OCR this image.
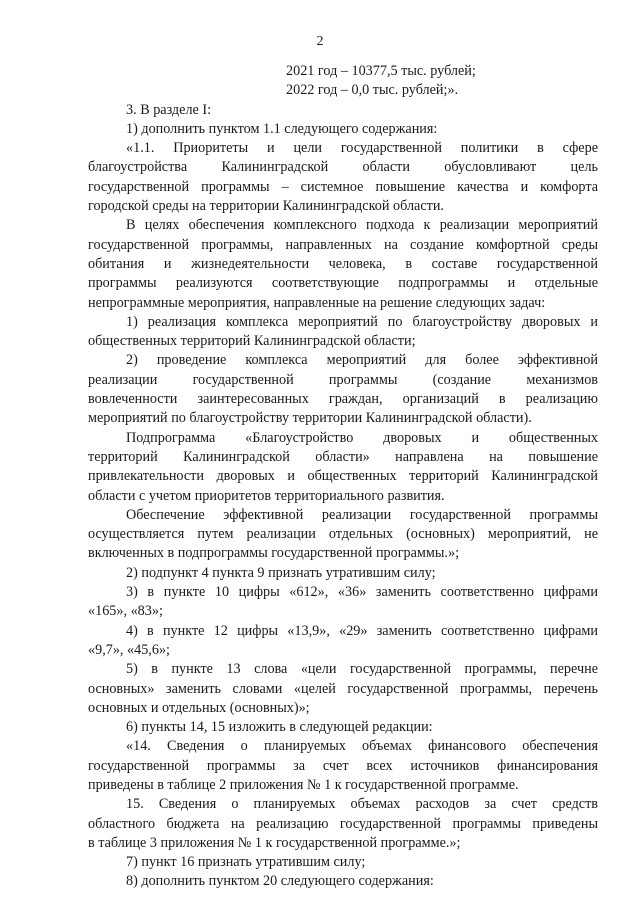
2
2021 год – 10377,5 тыс. рублей;
2022 год – 0,0 тыс. рублей;».
3. В разделе I:
1) дополнить пунктом 1.1 следующего содержания:
«1.1. Приоритеты и цели государственной политики в сфере
благоустройства Калининградской области обусловливают цель
государственной программы – системное повышение качества и комфорта
городской среды на территории Калининградской области.
В целях обеспечения комплексного подхода к реализации мероприятий
государственной программы, направленных на создание комфортной среды
обитания и жизнедеятельности человека, в составе государственной
программы реализуются соответствующие подпрограммы и отдельные
непрограммные мероприятия, направленные на решение следующих задач:
1) реализация комплекса мероприятий по благоустройству дворовых и
общественных территорий Калининградской области;
2) проведение комплекса мероприятий для более эффективной
реализации государственной программы (создание механизмов
вовлеченности заинтересованных граждан, организаций в реализацию
мероприятий по благоустройству территории Калининградской области).
Подпрограмма «Благоустройство дворовых и общественных
территорий Калининградской области» направлена на повышение
привлекательности дворовых и общественных территорий Калининградской
области с учетом приоритетов территориального развития.
Обеспечение эффективной реализации государственной программы
осуществляется путем реализации отдельных (основных) мероприятий, не
включенных в подпрограммы государственной программы.»;
2) подпункт 4 пункта 9 признать утратившим силу;
3) в пункте 10 цифры «612», «36» заменить соответственно цифрами
«165», «83»;
4) в пункте 12 цифры «13,9», «29» заменить соответственно цифрами
«9,7», «45,6»;
5) в пункте 13 слова «цели государственной программы, перечне
основных» заменить словами «целей государственной программы, перечень
основных и отдельных (основных)»;
6) пункты 14, 15 изложить в следующей редакции:
«14. Сведения о планируемых объемах финансового обеспечения
государственной программы за счет всех источников финансирования
приведены в таблице 2 приложения № 1 к государственной программе.
15. Сведения о планируемых объемах расходов за счет средств
областного бюджета на реализацию государственной программы приведены
в таблице 3 приложения № 1 к государственной программе.»;
7) пункт 16 признать утратившим силу;
8) дополнить пунктом 20 следующего содержания:
